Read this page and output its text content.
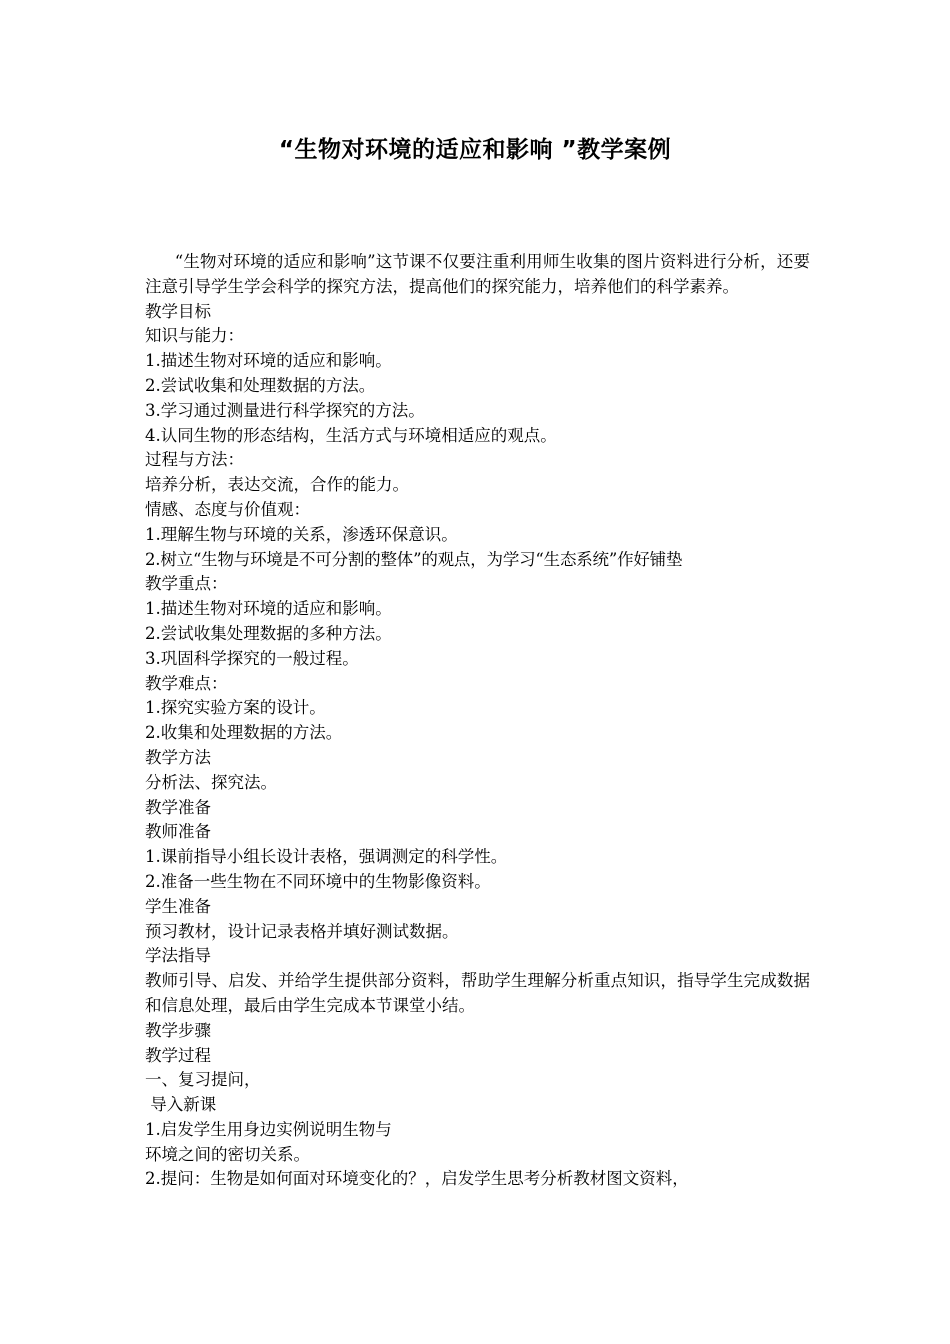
“生物对环境的适应和影响 ”教学案例

“生物对环境的适应和影响”这节课不仅要注重利用师生收集的图片资料进行分析，还要注意引导学生学会科学的探究方法，提高他们的探究能力，培养他们的科学素养。

教学目标

知识与能力：

1.描述生物对环境的适应和影响。

2.尝试收集和处理数据的方法。

3.学习通过测量进行科学探究的方法。

4.认同生物的形态结构，生活方式与环境相适应的观点。

过程与方法：

培养分析，表达交流，合作的能力。

情感、态度与价值观：

1.理解生物与环境的关系，渗透环保意识。

2.树立“生物与环境是不可分割的整体”的观点，为学习“生态系统”作好铺垫

教学重点：

1.描述生物对环境的适应和影响。

2.尝试收集处理数据的多种方法。

3.巩固科学探究的一般过程。

教学难点：

1.探究实验方案的设计。

2.收集和处理数据的方法。

教学方法

分析法、探究法。

教学准备

教师准备

1.课前指导小组长设计表格，强调测定的科学性。

2.准备一些生物在不同环境中的生物影像资料。

学生准备

预习教材，设计记录表格并填好测试数据。

学法指导

教师引导、启发、并给学生提供部分资料，帮助学生理解分析重点知识，指导学生完成数据和信息处理，最后由学生完成本节课堂小结。

教学步骤

教学过程

一、复习提问，

导入新课

1.启发学生用身边实例说明生物与

环境之间的密切关系。

2.提问：生物是如何面对环境变化的？，启发学生思考分析教材图文资料，
